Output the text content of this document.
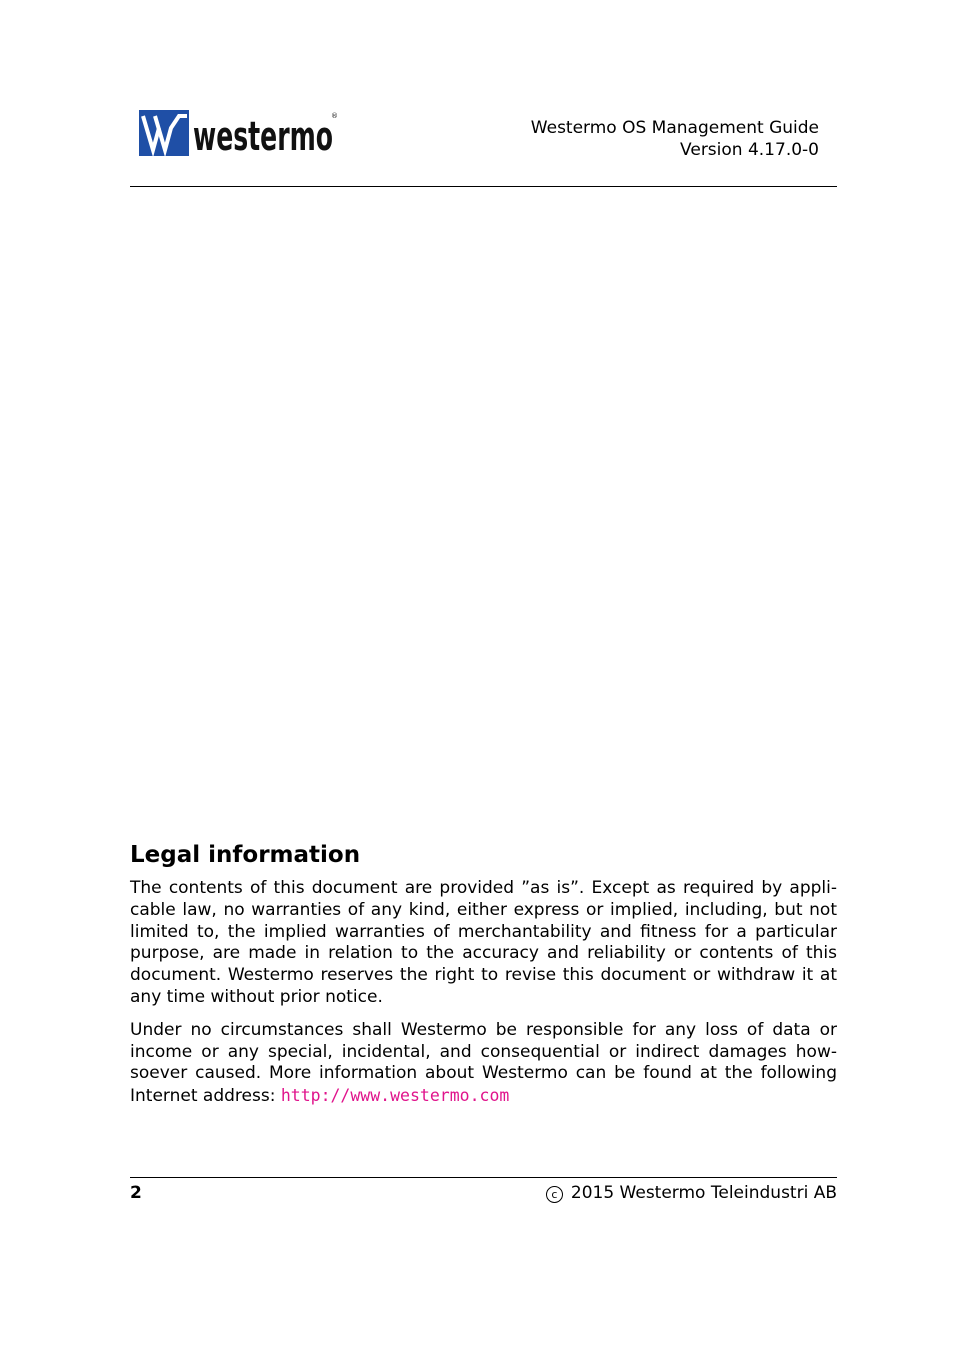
westermo
®
Westermo OS Management Guide
Version 4.17.0-0
Legal information

The contents of this document are provided ”as is”. Except as required by appli-cable law, no warranties of any kind, either express or implied, including, but not limited to, the implied warranties of merchantability and fitness for a particular purpose, are made in relation to the accuracy and reliability or contents of this document. Westermo reserves the right to revise this document or withdraw it at any time without prior notice.

Under no circumstances shall Westermo be responsible for any loss of data or income or any special, incidental, and consequential or indirect damages how-soever caused. More information about Westermo can be found at the following Internet address: http://www.westermo.com

2	c 2015 Westermo Teleindustri AB
